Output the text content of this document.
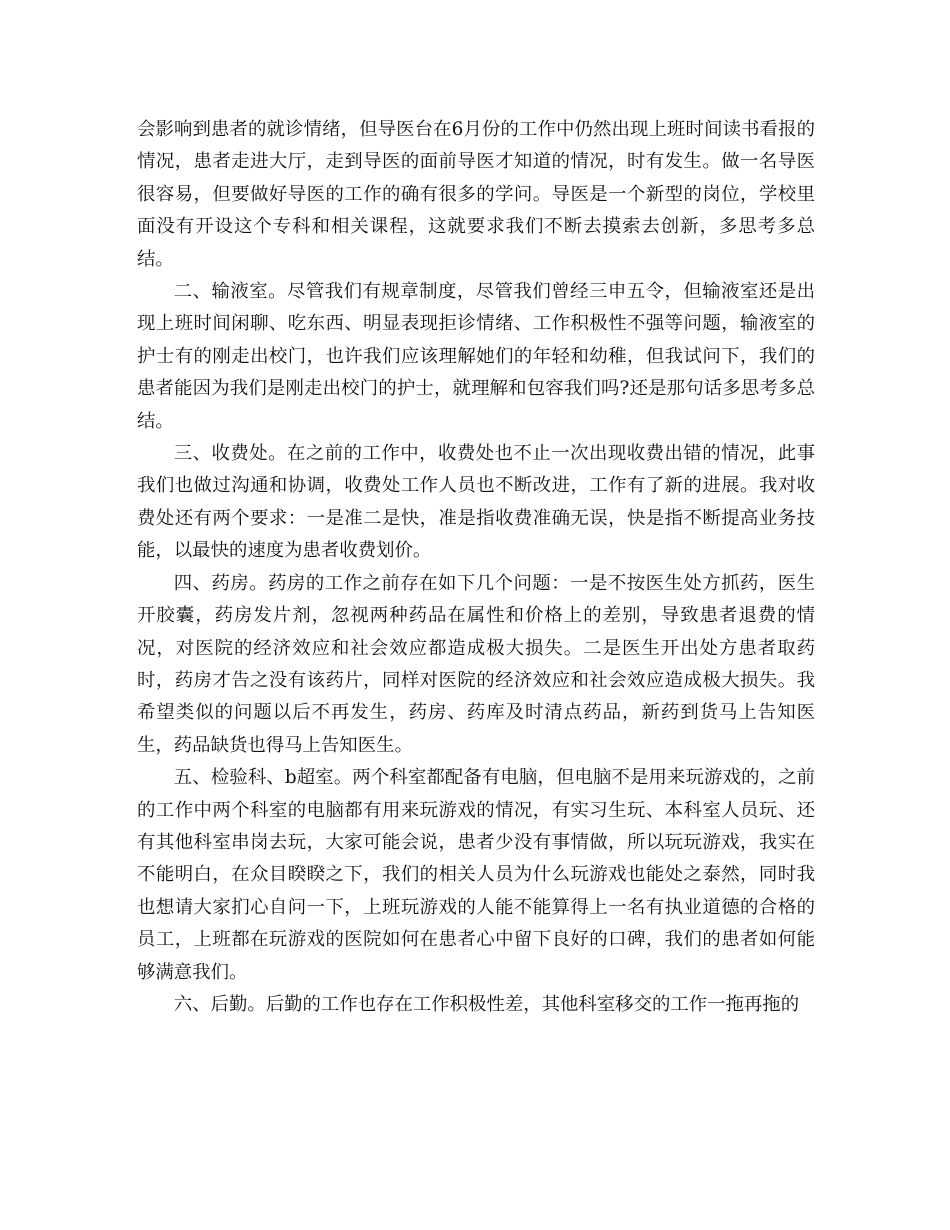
会影响到患者的就诊情绪，但导医台在6月份的工作中仍然出现上班时间读书看报的情况，患者走进大厅，走到导医的面前导医才知道的情况，时有发生。做一名导医很容易，但要做好导医的工作的确有很多的学问。导医是一个新型的岗位，学校里面没有开设这个专科和相关课程，这就要求我们不断去摸索去创新，多思考多总结。

二、输液室。尽管我们有规章制度，尽管我们曾经三申五令，但输液室还是出现上班时间闲聊、吃东西、明显表现拒诊情绪、工作积极性不强等问题，输液室的护士有的刚走出校门，也许我们应该理解她们的年轻和幼稚，但我试问下，我们的患者能因为我们是刚走出校门的护士，就理解和包容我们吗?还是那句话多思考多总结。

三、收费处。在之前的工作中，收费处也不止一次出现收费出错的情况，此事我们也做过沟通和协调，收费处工作人员也不断改进，工作有了新的进展。我对收费处还有两个要求：一是准二是快，准是指收费准确无误，快是指不断提高业务技能，以最快的速度为患者收费划价。

四、药房。药房的工作之前存在如下几个问题：一是不按医生处方抓药，医生开胶囊，药房发片剂，忽视两种药品在属性和价格上的差别，导致患者退费的情况，对医院的经济效应和社会效应都造成极大损失。二是医生开出处方患者取药时，药房才告之没有该药片，同样对医院的经济效应和社会效应造成极大损失。我希望类似的问题以后不再发生，药房、药库及时清点药品，新药到货马上告知医生，药品缺货也得马上告知医生。

五、检验科、b超室。两个科室都配备有电脑，但电脑不是用来玩游戏的，之前的工作中两个科室的电脑都有用来玩游戏的情况，有实习生玩、本科室人员玩、还有其他科室串岗去玩，大家可能会说，患者少没有事情做，所以玩玩游戏，我实在不能明白，在众目睽睽之下，我们的相关人员为什么玩游戏也能处之泰然，同时我也想请大家扪心自问一下，上班玩游戏的人能不能算得上一名有执业道德的合格的员工，上班都在玩游戏的医院如何在患者心中留下良好的口碑，我们的患者如何能够满意我们。

六、后勤。后勤的工作也存在工作积极性差，其他科室移交的工作一拖再拖的
